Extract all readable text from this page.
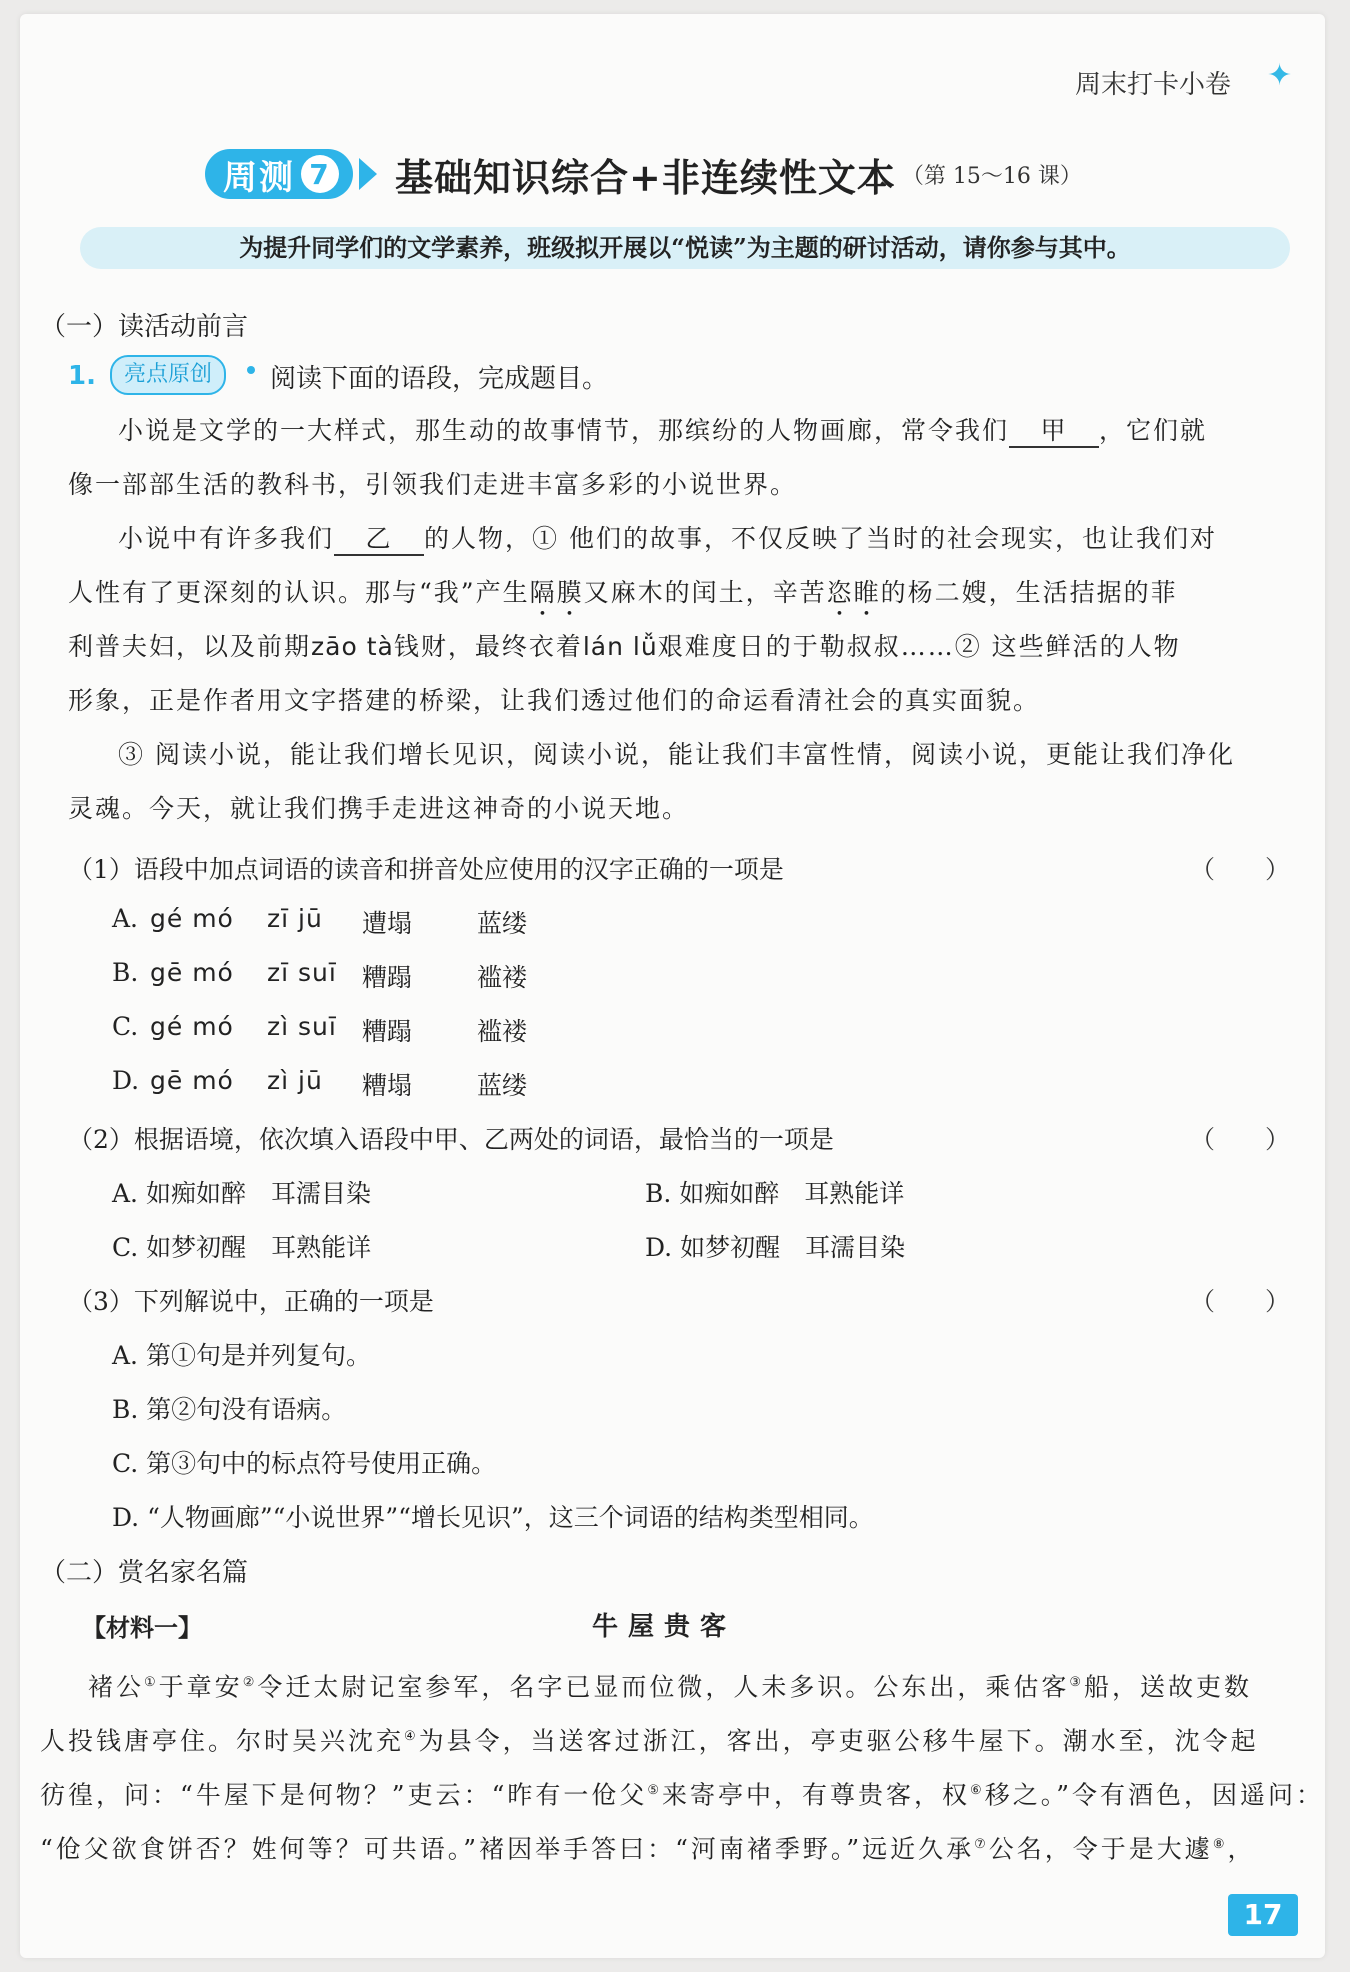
周末打卡小卷 ✦
周测 7 基础知识综合+非连续性文本 （第 15～16 课）
为提升同学们的文学素养，班级拟开展以“悦读”为主题的研讨活动，请你参与其中。
（一）读活动前言
1.	亮点原创	阅读下面的语段，完成题目。
小说是文学的一大样式，那生动的故事情节，那缤纷的人物画廊，常令我们 甲 ，它们就
像一部部生活的教科书，引领我们走进丰富多彩的小说世界。
小说中有许多我们 乙 的人物，① 他们的故事，不仅反映了当时的社会现实，也让我们对
人性有了更深刻的认识。那与“我”产生隔膜又麻木的闰土，辛苦恣睢的杨二嫂，生活拮据的菲
利普夫妇，以及前期zāo tà钱财，最终衣着lán lǚ艰难度日的于勒叔叔……② 这些鲜活的人物
形象，正是作者用文字搭建的桥梁，让我们透过他们的命运看清社会的真实面貌。
③ 阅读小说，能让我们增长见识，阅读小说，能让我们丰富性情，阅读小说，更能让我们净化
灵魂。今天，就让我们携手走进这神奇的小说天地。
（1）语段中加点词语的读音和拼音处应使用的汉字正确的一项是	（　　）
A. gé mó zī jū 遭塌	蓝缕
B. gē mó zī suī 糟蹋	褴褛
C. gé mó zì suī 糟蹋	褴褛
D. gē mó zì jū 糟塌	蓝缕
（2）根据语境，依次填入语段中甲、乙两处的词语，最恰当的一项是	（　　）
A. 如痴如醉　耳濡目染	B. 如痴如醉　耳熟能详
C. 如梦初醒　耳熟能详	D. 如梦初醒　耳濡目染
（3）下列解说中，正确的一项是	（　　）
A. 第①句是并列复句。
B. 第②句没有语病。
C. 第③句中的标点符号使用正确。
D. “人物画廊”“小说世界”“增长见识”，这三个词语的结构类型相同。
（二）赏名家名篇
【材料一】	牛屋贵客
褚公①于章安②令迁太尉记室参军，名字已显而位微，人未多识。公东出，乘估客③船，送故吏数
人投钱唐亭住。尔时吴兴沈充④为县令，当送客过浙江，客出，亭吏驱公移牛屋下。潮水至，沈令起
彷徨，问：“牛屋下是何物？”吏云：“昨有一伧父⑤来寄亭中，有尊贵客，权⑥移之。”令有酒色，因遥问：
“伧父欲食饼否？姓何等？可共语。”褚因举手答曰：“河南褚季野。”远近久承⑦公名，令于是大遽⑧，
17
